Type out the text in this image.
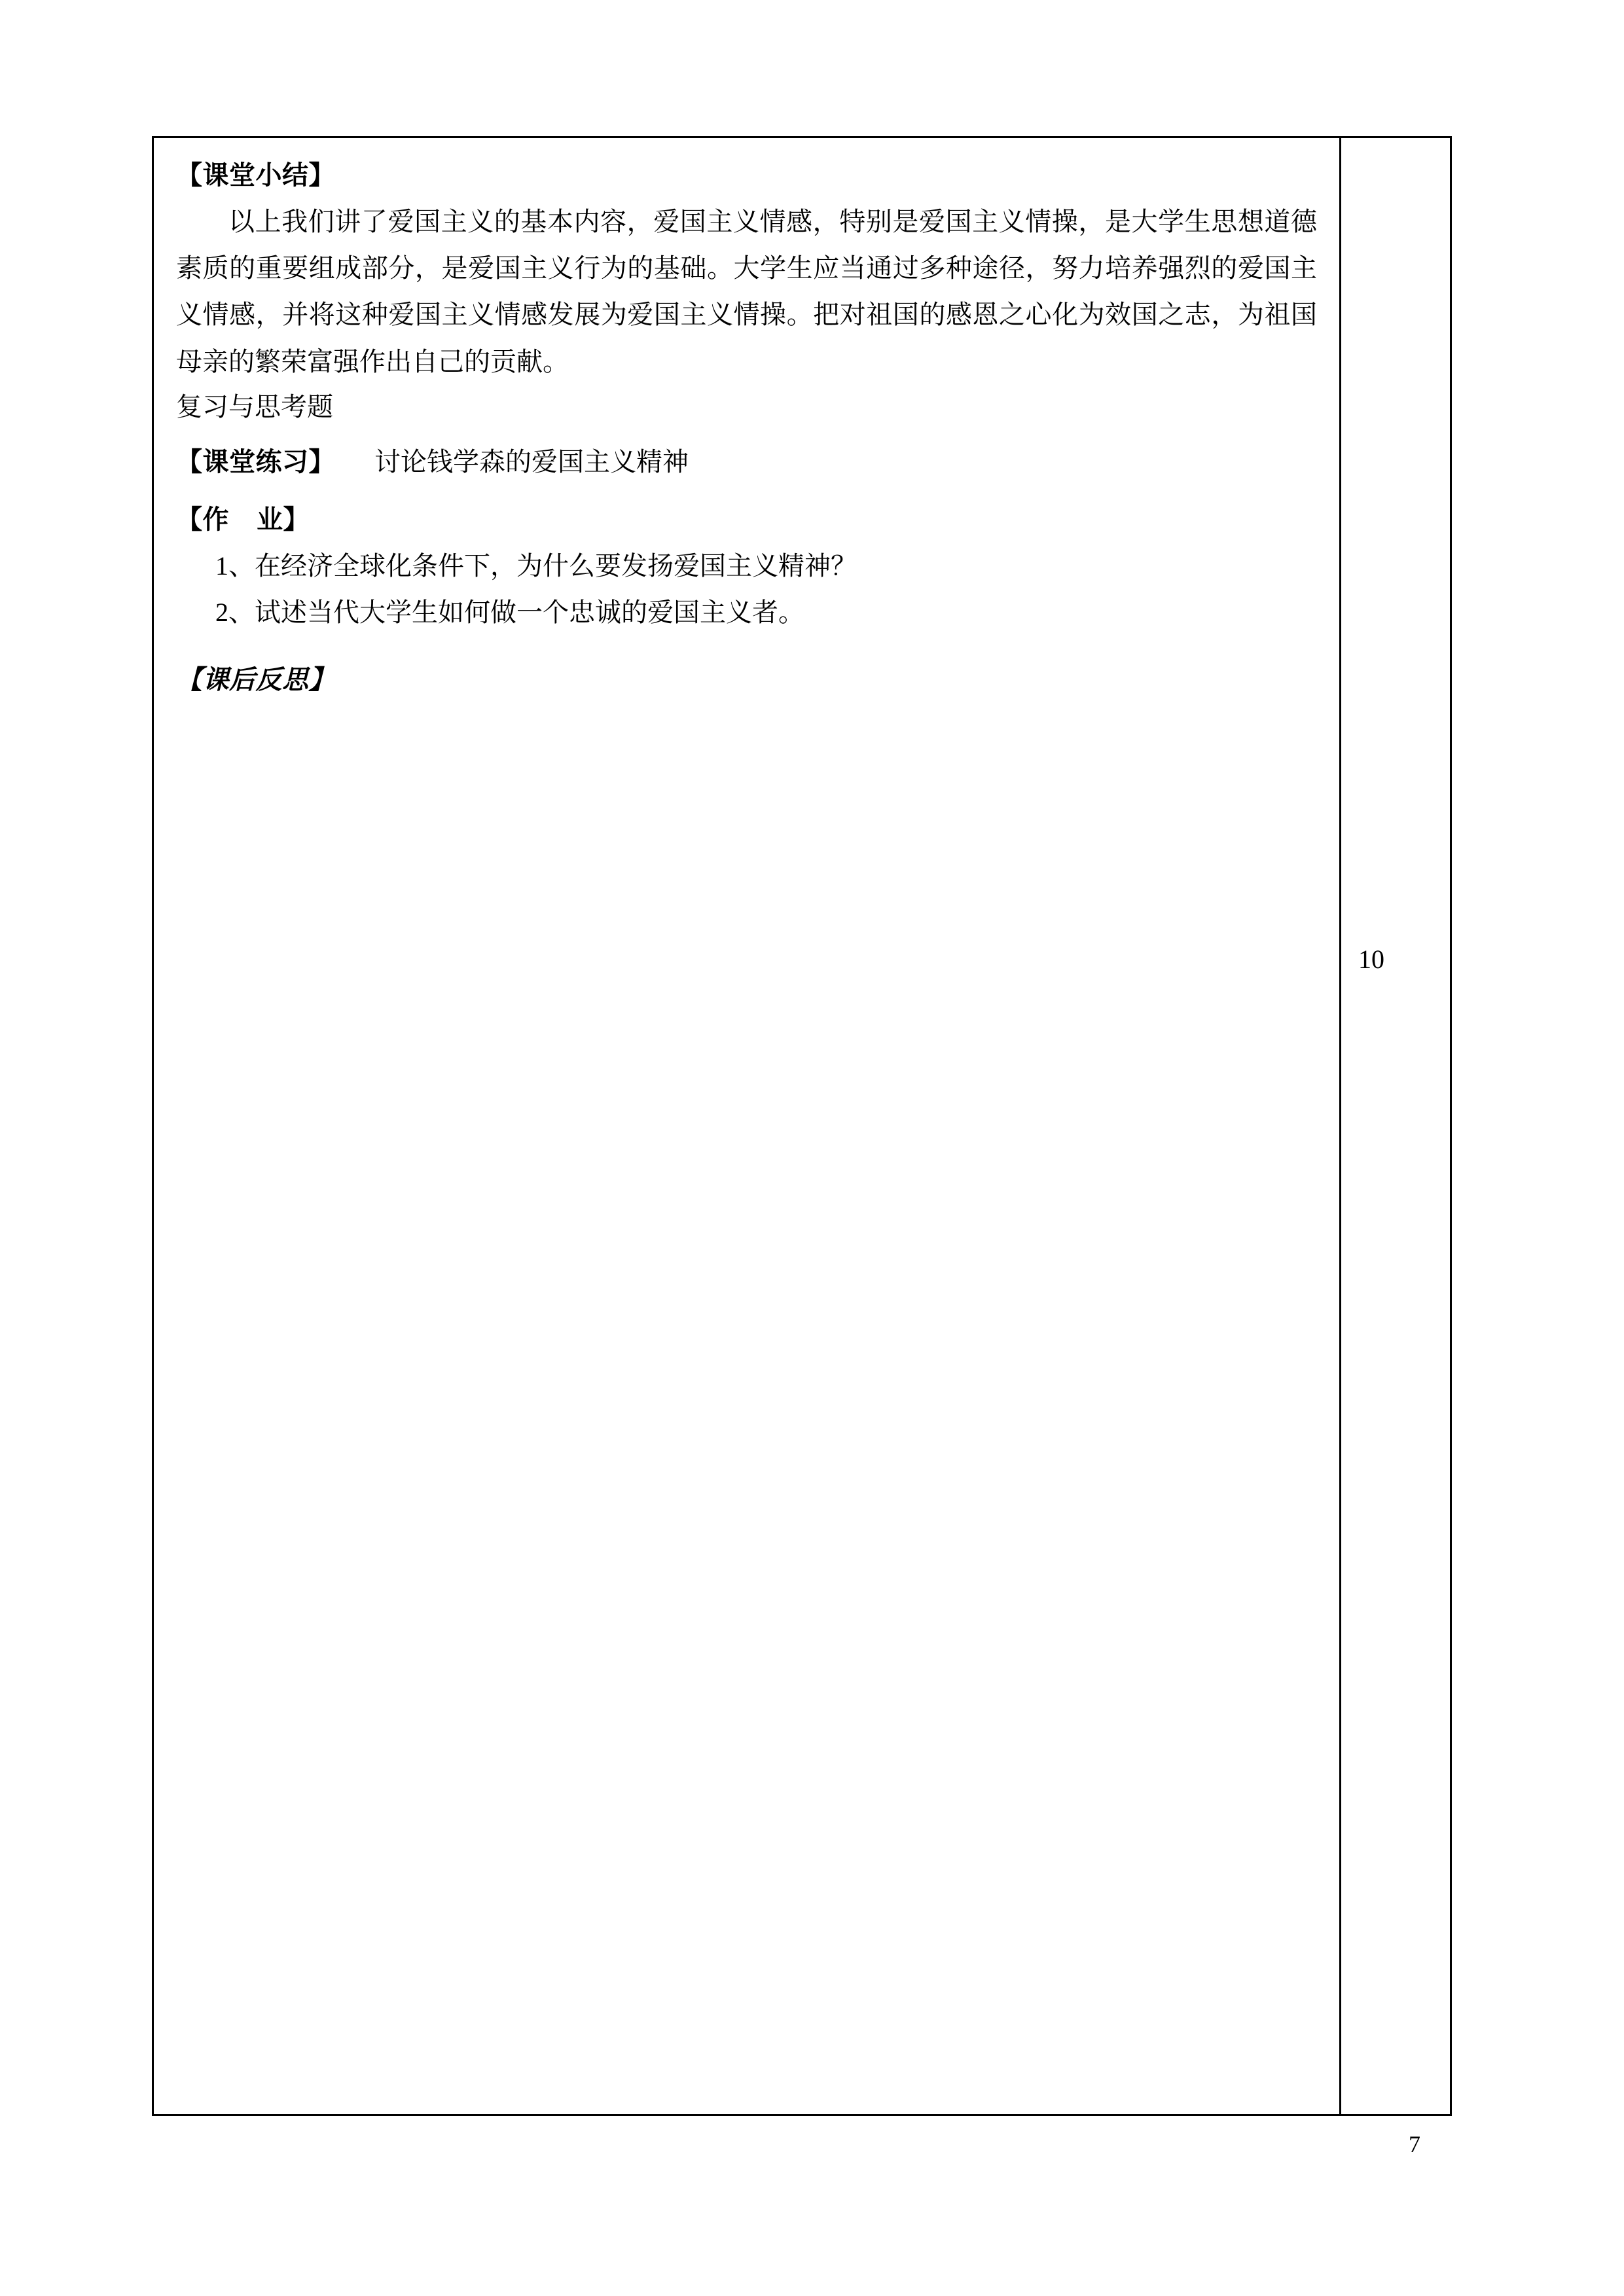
【课堂小结】

以上我们讲了爱国主义的基本内容，爱国主义情感，特别是爱国主义情操，是大学生思想道德素质的重要组成部分，是爱国主义行为的基础。大学生应当通过多种途径，努力培养强烈的爱国主义情感，并将这种爱国主义情感发展为爱国主义情操。把对祖国的感恩之心化为效国之志，为祖国母亲的繁荣富强作出自己的贡献。

复习与思考题

【课堂练习】 讨论钱学森的爱国主义精神

【作    业】

1、在经济全球化条件下，为什么要发扬爱国主义精神？

2、试述当代大学生如何做一个忠诚的爱国主义者。

【课后反思】

10
7
